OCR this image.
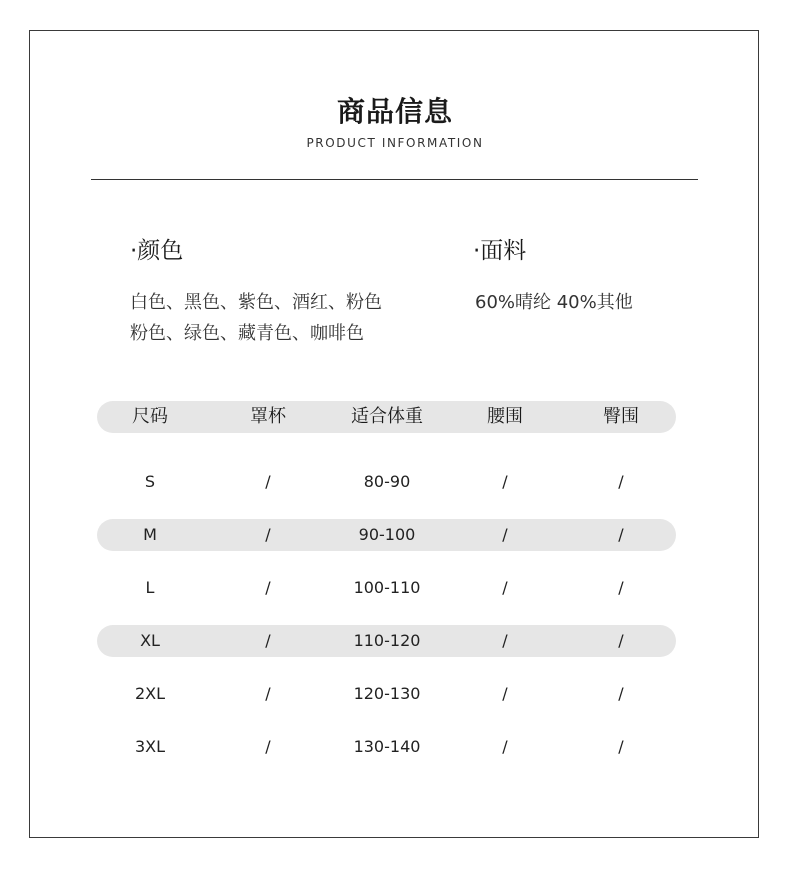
商品信息
PRODUCT INFORMATION
·颜色
白色、黑色、紫色、酒红、粉色
粉色、绿色、藏青色、咖啡色
·面料
60%晴纶 40%其他
尺码	罩杯	适合体重	腰围	臀围
S	/	80-90	/	/
M	/	90-100	/	/
L	/	100-110	/	/
XL	/	110-120	/	/
2XL	/	120-130	/	/
3XL	/	130-140	/	/
